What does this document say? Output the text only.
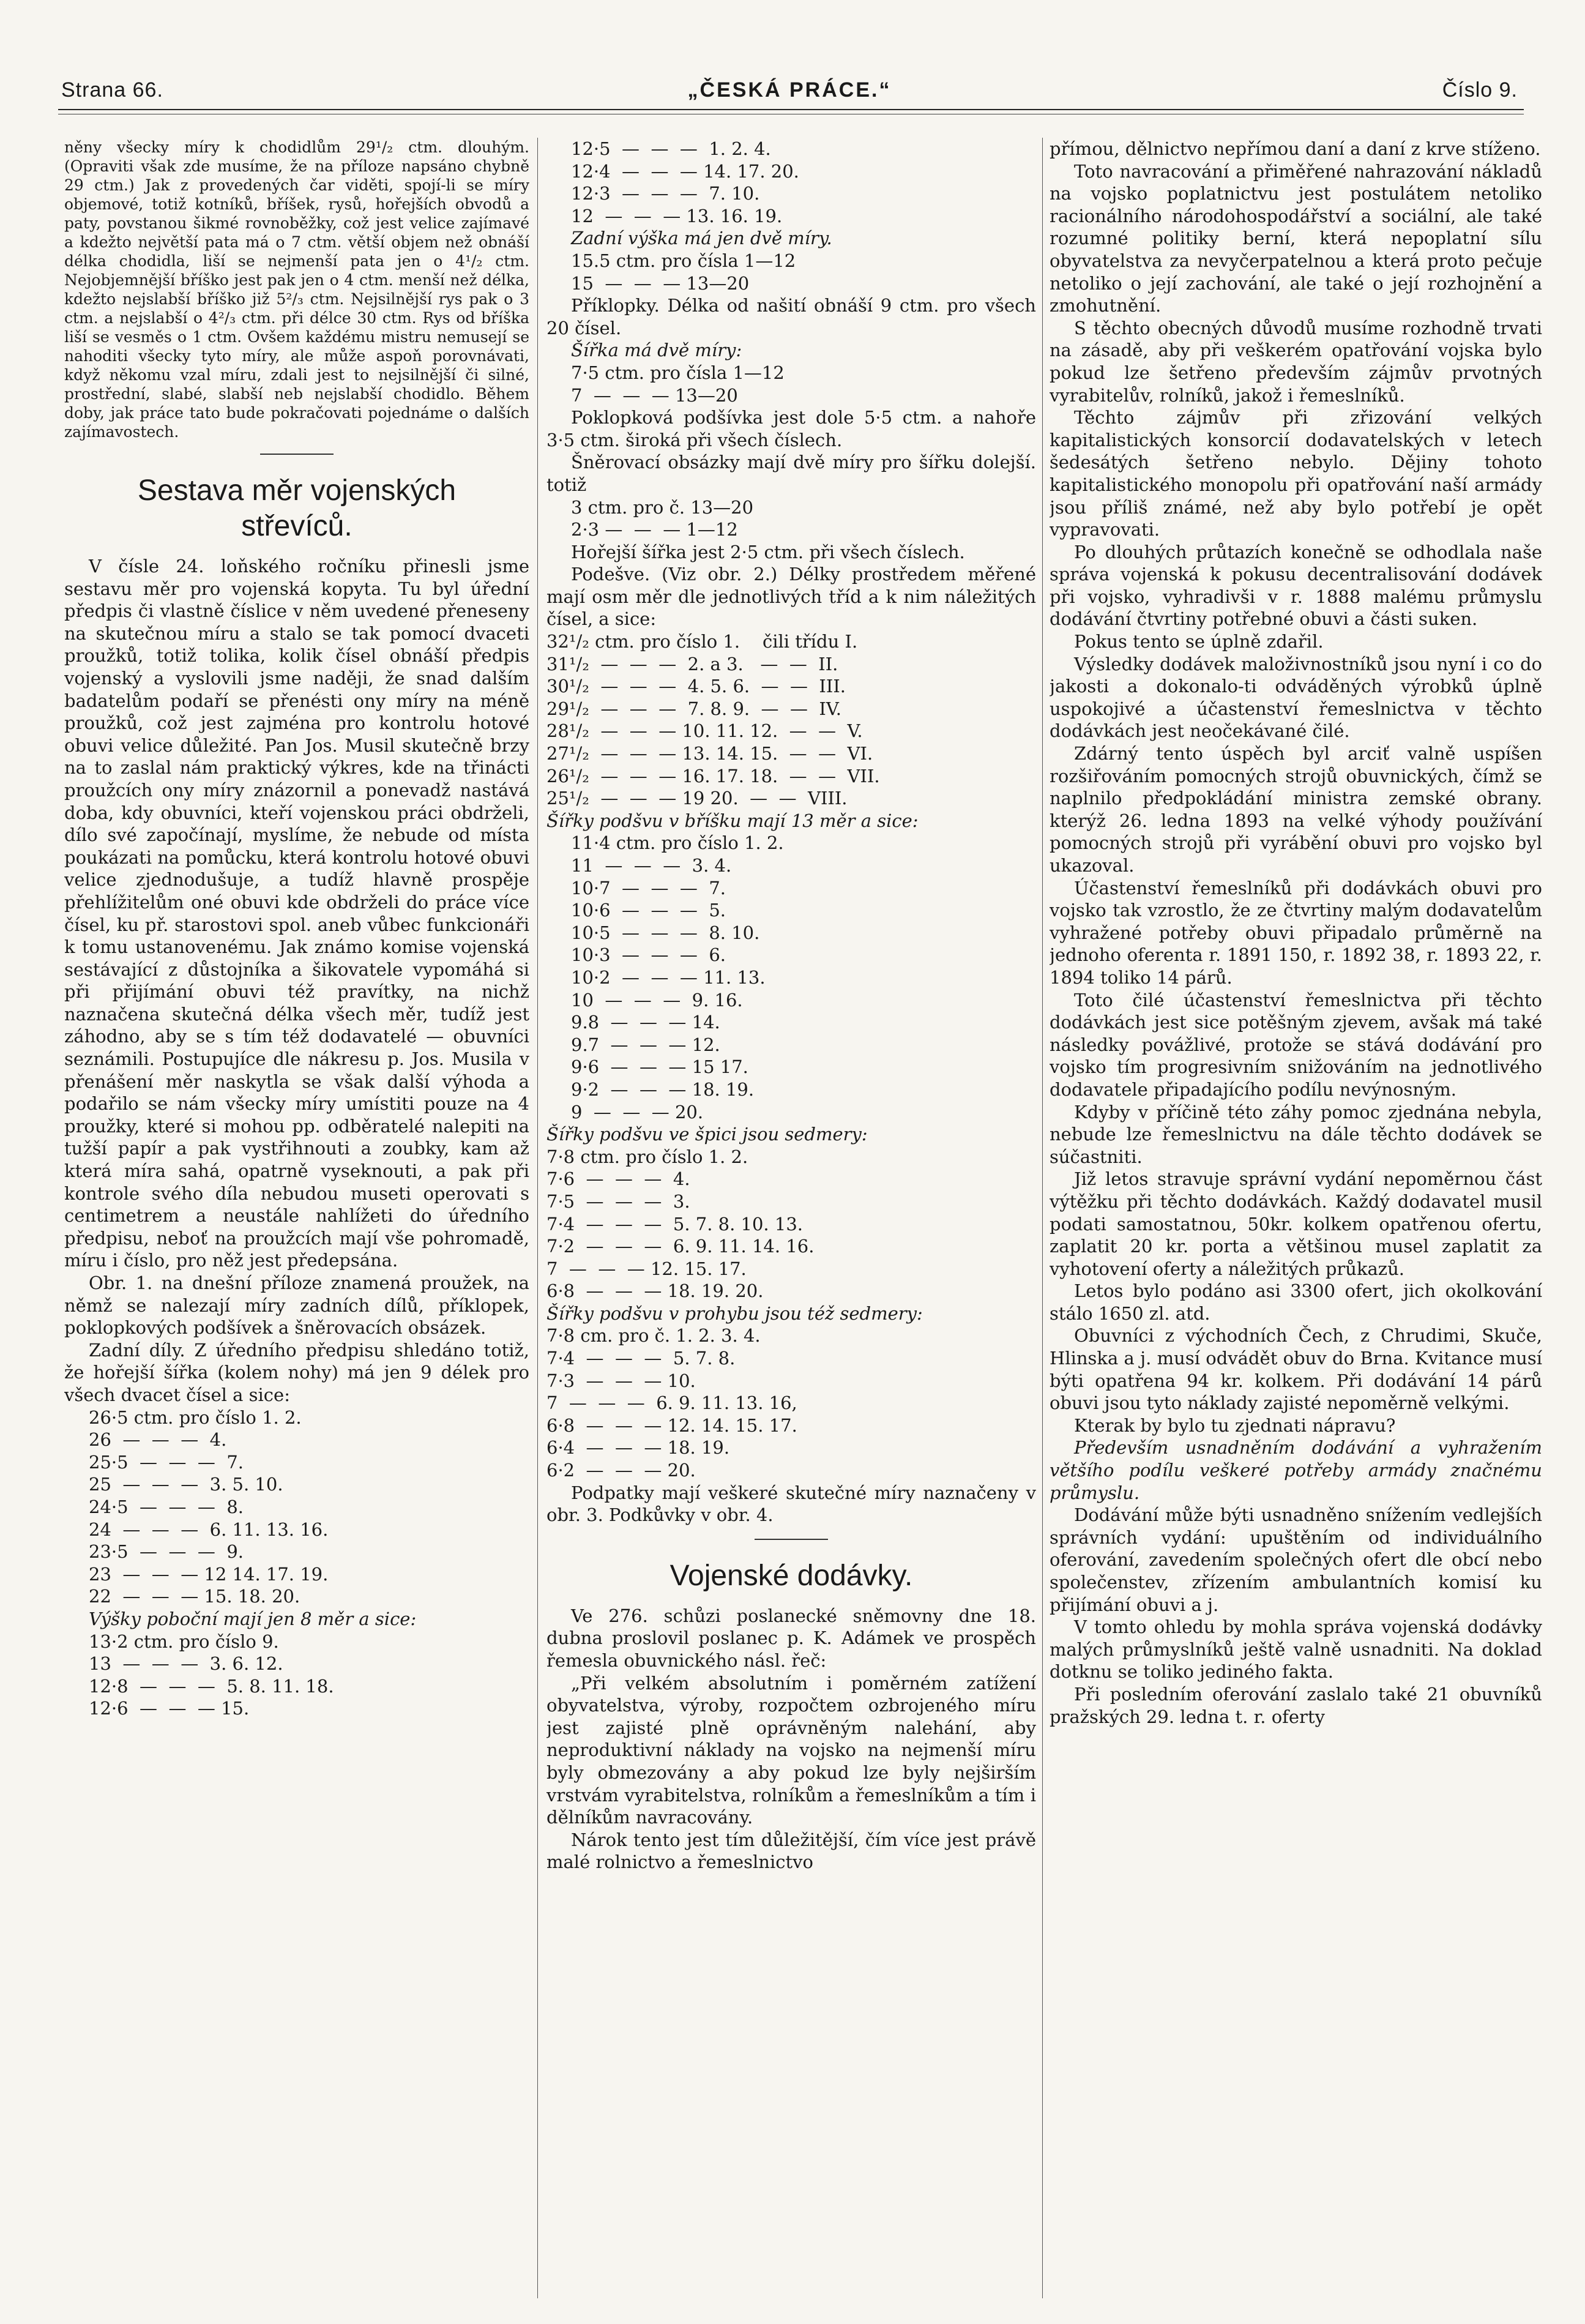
Strana 66.	„ČESKÁ PRÁCE.“	Číslo 9.

něny všecky míry k chodidlům 29¹/₂ ctm. dlouhým. (Opraviti však zde musíme, že na příloze napsáno chybně 29 ctm.) Jak z provedených čar viděti, spojí-li se míry objemové, totiž kotníků, bříšek, rysů, hořejších obvodů a paty, povstanou šikmé rovnoběžky, což jest velice zajímavé a kdežto největší pata má o 7 ctm. větší objem než obnáší délka chodidla, liší se nejmenší pata jen o 4¹/₂ ctm. Nejobjemnější bříško jest pak jen o 4 ctm. menší než délka, kdežto nejslabší bříško již 5²/₃ ctm. Nejsilnější rys pak o 3 ctm. a nejslabší o 4²/₃ ctm. při délce 30 ctm. Rys od bříška liší se vesměs o 1 ctm. Ovšem každému mistru nemusejí se nahoditi všecky tyto míry, ale může aspoň porovnávati, když někomu vzal míru, zdali jest to nejsilnější či silné, prostřední, slabé, slabší neb nejslabší chodidlo. Během doby, jak práce tato bude pokračovati pojednáme o dalších zajímavostech.

Sestava měr vojenských
střevíců.

V čísle 24. loňského ročníku přinesli jsme sestavu měr pro vojenská kopyta. Tu byl úřední předpis či vlastně číslice v něm uvedené přeneseny na skutečnou míru a stalo se tak pomocí dvaceti proužků, totiž tolika, kolik čísel obnáší předpis vojenský a vyslovili jsme naději, že snad dalším badatelům podaří se přenésti ony míry na méně proužků, což jest zajména pro kontrolu hotové obuvi velice důležité. Pan Jos. Musil skutečně brzy na to zaslal nám praktický výkres, kde na třinácti proužcích ony míry znázornil a ponevadž nastává doba, kdy obuvníci, kteří vojenskou práci obdrželi, dílo své započínají, myslíme, že nebude od místa poukázati na pomůcku, která kontrolu hotové obuvi velice zjednodušuje, a tudíž hlavně prospěje přehlížitelům oné obuvi kde obdrželi do práce více čísel, ku př. starostovi spol. aneb vůbec funkcionáři k tomu ustanovenému. Jak známo komise vojenská sestávající z důstojníka a šikovatele vypomáhá si při přijímání obuvi též pravítky, na nichž naznačena skutečná délka všech měr, tudíž jest záhodno, aby se s tím též dodavatelé — obuvníci seznámili. Postupujíce dle nákresu p. Jos. Musila v přenášení měr naskytla se však další výhoda a podařilo se nám všecky míry umístiti pouze na 4 proužky, které si mohou pp. odběratelé nalepiti na tužší papír a pak vystřihnouti a zoubky, kam až která míra sahá, opatrně vyseknouti, a pak při kontrole svého díla nebudou museti operovati s centimetrem a neustále nahlížeti do úředního předpisu, neboť na proužcích mají vše pohromadě, míru i číslo, pro něž jest předepsána.

Obr. 1. na dnešní příloze znamená proužek, na němž se nalezají míry zadních dílů, příklopek, poklopkových podšívek a šněrovacích obsázek.

Zadní díly. Z úředního předpisu shledáno totiž, že hořejší šířka (kolem nohy) má jen 9 délek pro všech dvacet čísel a sice:

26·5 ctm. pro číslo 1. 2.
26  —  —  —  4.
25·5  —  —  —  7.
25  —  —  —  3. 5. 10.
24·5  —  —  —  8.
24  —  —  —  6. 11. 13. 16.
23·5  —  —  —  9.
23  —  —  — 12 14. 17. 19.
22  —  —  — 15. 18. 20.

Výšky poboční mají jen 8 měr a sice:

13·2 ctm. pro číslo 9.
13  —  —  —  3. 6. 12.
12·8  —  —  —  5. 8. 11. 18.
12·6  —  —  — 15.
12·5  —  —  —  1. 2. 4.
12·4  —  —  — 14. 17. 20.
12·3  —  —  —  7. 10.
12  —  —  — 13. 16. 19.

Zadní výška má jen dvě míry.

15.5 ctm. pro čísla 1—12
15  —  —  — 13—20

Příklopky. Délka od našití obnáší 9 ctm. pro všech 20 čísel.

Šířka má dvě míry:

7·5 ctm. pro čísla 1—12
7  —  —  — 13—20

Poklopková podšívka jest dole 5·5 ctm. a nahoře 3·5 ctm. široká při všech číslech.

Šněrovací obsázky mají dvě míry pro šířku dolejší. totiž

3 ctm. pro č. 13—20
2·3 —  —  — 1—12

Hořejší šířka jest 2·5 ctm. při všech číslech.

Podešve. (Viz obr. 2.) Délky prostředem měřené mají osm měr dle jednotlivých tříd a k nim náležitých čísel, a sice:

32¹/₂ ctm. pro číslo 1.    čili třídu I.
31¹/₂  —  —  —  2. a 3.   —  —  II.
30¹/₂  —  —  —  4. 5. 6.  —  —  III.
29¹/₂  —  —  —  7. 8. 9.  —  —  IV.
28¹/₂  —  —  — 10. 11. 12.  —  —  V.
27¹/₂  —  —  — 13. 14. 15.  —  —  VI.
26¹/₂  —  —  — 16. 17. 18.  —  —  VII.
25¹/₂  —  —  — 19 20.  —  —  VIII.

Šířky podšvu v bříšku mají 13 měr a sice:

11·4 ctm. pro číslo 1. 2.
11  —  —  —  3. 4.
10·7  —  —  —  7.
10·6  —  —  —  5.
10·5  —  —  —  8. 10.
10·3  —  —  —  6.
10·2  —  —  — 11. 13.
10  —  —  —  9. 16.
9.8  —  —  — 14.
9.7  —  —  — 12.
9·6  —  —  — 15 17.
9·2  —  —  — 18. 19.
9  —  —  — 20.

Šířky podšvu ve špici jsou sedmery:

7·8 ctm. pro číslo 1. 2.
7·6  —  —  —  4.
7·5  —  —  —  3.
7·4  —  —  —  5. 7. 8. 10. 13.
7·2  —  —  —  6. 9. 11. 14. 16.
7  —  —  — 12. 15. 17.
6·8  —  —  — 18. 19. 20.

Šířky podšvu v prohybu jsou též sedmery:

7·8 cm. pro č. 1. 2. 3. 4.
7·4  —  —  —  5. 7. 8.
7·3  —  —  — 10.
7  —  —  —  6. 9. 11. 13. 16,
6·8  —  —  — 12. 14. 15. 17.
6·4  —  —  — 18. 19.
6·2  —  —  — 20.

Podpatky mají veškeré skutečné míry naznačeny v obr. 3. Podkůvky v obr. 4.

Vojenské dodávky.

Ve 276. schůzi poslanecké sněmovny dne 18. dubna proslovil poslanec p. K. Adámek ve prospěch řemesla obuvnického násl. řeč:

„Při velkém absolutním i poměrném zatížení obyvatelstva, výroby, rozpočtem ozbrojeného míru jest zajisté plně oprávněným nalehání, aby neproduktivní náklady na vojsko na nejmenší míru byly obmezovány a aby pokud lze byly nejširším vrstvám vyrabitelstva, rolníkům a řemeslníkům a tím i dělníkům navracovány.

Nárok tento jest tím důležitější, čím více jest právě malé rolnictvo a řemeslnictvo

přímou, dělnictvo nepřímou daní a daní z krve stíženo.

Toto navracování a přiměřené nahrazování nákladů na vojsko poplatnictvu jest postulátem netoliko racionálního národohospodářství a sociální, ale také rozumné politiky berní, která nepoplatní sílu obyvatelstva za nevyčerpatelnou a která proto pečuje netoliko o její zachování, ale také o její rozhojnění a zmohutnění.

S těchto obecných důvodů musíme rozhodně trvati na zásadě, aby při veškerém opatřování vojska bylo pokud lze šetřeno především zájmův prvotných vyrabitelův, rolníků, jakož i řemeslníků.

Těchto zájmův při zřizování velkých kapitalistických konsorcií dodavatelských v letech šedesátých šetřeno nebylo. Dějiny tohoto kapitalistického monopolu při opatřování naší armády jsou příliš známé, než aby bylo potřebí je opět vypravovati.

Po dlouhých průtazích konečně se odhodlala naše správa vojenská k pokusu decentralisování dodávek při vojsko, vyhradivši v r. 1888 malému průmyslu dodávání čtvrtiny potřebné obuvi a části suken.

Pokus tento se úplně zdařil.

Výsledky dodávek maloživnostníků jsou nyní i co do jakosti a dokonalo-ti odváděných výrobků úplně uspokojivé a účastenství řemeslnictva v těchto dodávkách jest neočekávané čilé.

Zdárný tento úspěch byl arciť valně uspíšen rozšiřováním pomocných strojů obuvnických, čímž se naplnilo předpokládání ministra zemské obrany. kterýž 26. ledna 1893 na velké výhody používání pomocných strojů při vyrábění obuvi pro vojsko byl ukazoval.

Účastenství řemeslníků při dodávkách obuvi pro vojsko tak vzrostlo, že ze čtvrtiny malým dodavatelům vyhražené potřeby obuvi připadalo průměrně na jednoho oferenta r. 1891 150, r. 1892 38, r. 1893 22, r. 1894 toliko 14 párů.

Toto čilé účastenství řemeslnictva při těchto dodávkách jest sice potěšným zjevem, avšak má také následky povážlivé, protože se stává dodávání pro vojsko tím progresivním snižováním na jednotlivého dodavatele připadajícího podílu nevýnosným.

Kdyby v příčině této záhy pomoc zjednána nebyla, nebude lze řemeslnictvu na dále těchto dodávek se súčastniti.

Již letos stravuje správní vydání nepoměrnou část výtěžku při těchto dodávkách. Každý dodavatel musil podati samostatnou, 50kr. kolkem opatřenou ofertu, zaplatit 20 kr. porta a většinou musel zaplatit za vyhotovení oferty a náležitých průkazů.

Letos bylo podáno asi 3300 ofert, jich okolkování stálo 1650 zl. atd.

Obuvníci z východních Čech, z Chrudimi, Skuče, Hlinska a j. musí odvádět obuv do Brna. Kvitance musí býti opatřena 94 kr. kolkem. Při dodávání 14 párů obuvi jsou tyto náklady zajisté nepoměrně velkými.

Kterak by bylo tu zjednati nápravu?

Především usnadněním dodávání a vyhražením většího podílu veškeré potřeby armády značnému průmyslu.

Dodávání může býti usnadněno snížením vedlejších správních vydání: upuštěním od individuálního oferování, zavedením společných ofert dle obcí nebo společenstev, zřízením ambulantních komisí ku přijímání obuvi a j.

V tomto ohledu by mohla správa vojenská dodávky malých průmyslníků ještě valně usnadniti. Na doklad dotknu se toliko jediného fakta.

Při posledním oferování zaslalo také 21 obuvníků pražských 29. ledna t. r. oferty
